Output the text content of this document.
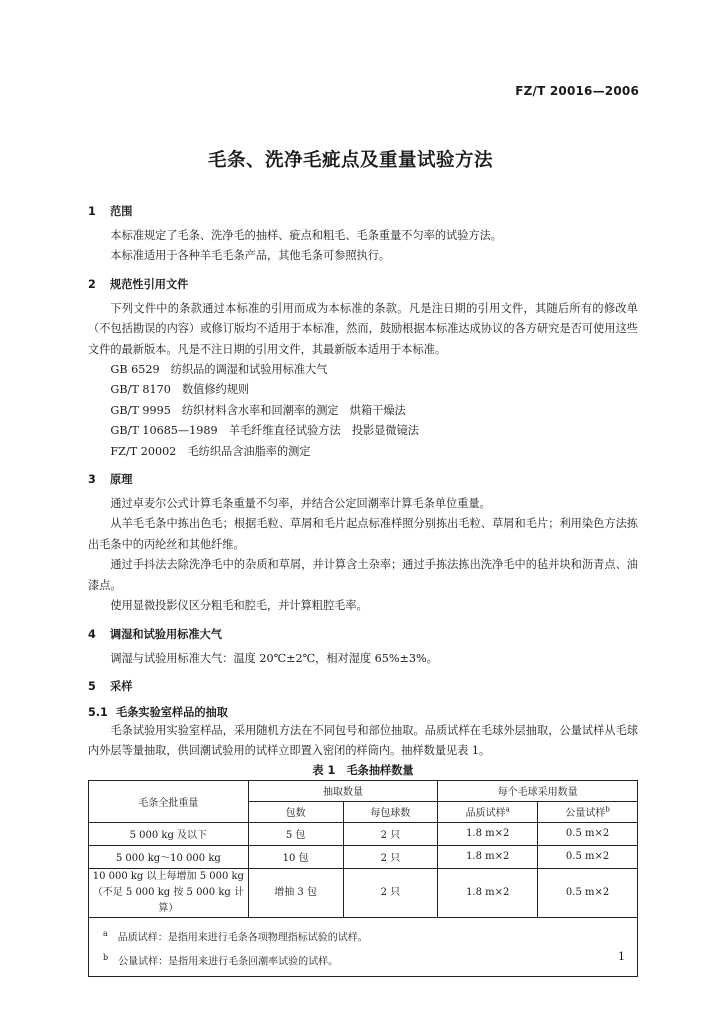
FZ/T 20016—2006
毛条、洗净毛疵点及重量试验方法

1 范围

本标准规定了毛条、洗净毛的抽样、疵点和粗毛、毛条重量不匀率的试验方法。

本标准适用于各种羊毛毛条产品，其他毛条可参照执行。

2 规范性引用文件

下列文件中的条款通过本标准的引用而成为本标准的条款。凡是注日期的引用文件，其随后所有的修改单（不包括勘误的内容）或修订版均不适用于本标准，然而，鼓励根据本标准达成协议的各方研究是否可使用这些文件的最新版本。凡是不注日期的引用文件，其最新版本适用于本标准。

GB 6529　纺织品的调湿和试验用标准大气

GB/T 8170　数值修约规则

GB/T 9995　纺织材料含水率和回潮率的测定　烘箱干燥法

GB/T 10685—1989　羊毛纤维直径试验方法　投影显微镜法

FZ/T 20002　毛纺织品含油脂率的测定

3 原理

通过卓麦尔公式计算毛条重量不匀率，并结合公定回潮率计算毛条单位重量。

从羊毛毛条中拣出色毛；根据毛粒、草屑和毛片起点标准样照分别拣出毛粒、草屑和毛片；利用染色方法拣出毛条中的丙纶丝和其他纤维。

通过手抖法去除洗净毛中的杂质和草屑，并计算含土杂率；通过手拣法拣出洗净毛中的毡并块和沥青点、油漆点。

使用显微投影仪区分粗毛和腔毛，并计算粗腔毛率。

4 调湿和试验用标准大气

调湿与试验用标准大气：温度 20℃±2℃，相对湿度 65%±3%。

5 采样

5.1 毛条实验室样品的抽取

毛条试验用实验室样品，采用随机方法在不同包号和部位抽取。品质试样在毛球外层抽取，公量试样从毛球内外层等量抽取，供回潮试验用的试样立即置入密闭的样筒内。抽样数量见表 1。

表 1　毛条抽样数量

毛条全批重量	抽取数量		每个毛球采用数量	
	包数	每包球数	品质试样$^a$	公量试样$^b$
5 000 kg 及以下	5 包	2 只	1.8 m×2	0.5 m×2
5 000 kg～10 000 kg	10 包	2 只	1.8 m×2	0.5 m×2

10 000 kg 以上每增加 5 000 kg
（不足 5 000 kg 按 5 000 kg 计算）	增抽 3 包	2 只	1.8 m×2	0.5 m×2

$^a$ 品质试样：是指用来进行毛条各项物理指标试验的试样。
$^b$ 公量试样：是指用来进行毛条回潮率试验的试样。					1
